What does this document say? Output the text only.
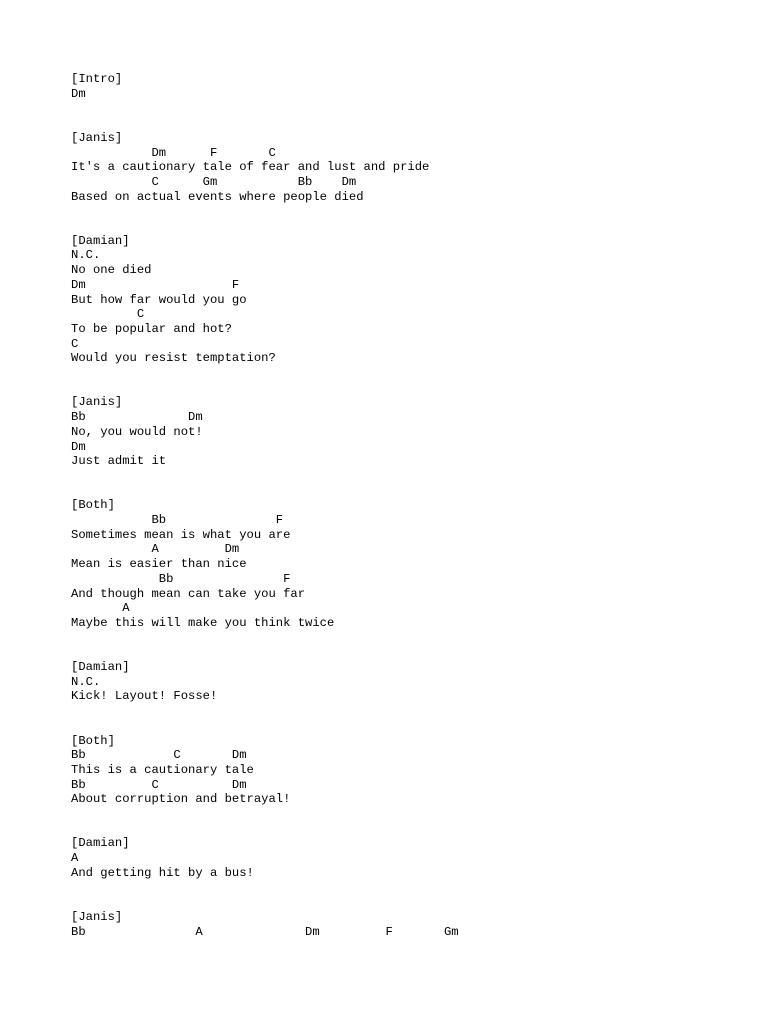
[Intro]
Dm
[Janis]
Dm      F       C
It's a cautionary tale of fear and lust and pride
C      Gm           Bb    Dm
Based on actual events where people died
[Damian]
N.C.
No one died
Dm                    F
But how far would you go
C
To be popular and hot?
C
Would you resist temptation?
[Janis]
Bb              Dm
No, you would not!
Dm
Just admit it
[Both]
Bb               F
Sometimes mean is what you are
A         Dm
Mean is easier than nice
Bb               F
And though mean can take you far
A
Maybe this will make you think twice
[Damian]
N.C.
Kick! Layout! Fosse!
[Both]
Bb            C       Dm
This is a cautionary tale
Bb         C          Dm
About corruption and betrayal!
[Damian]
A
And getting hit by a bus!
[Janis]
Bb               A              Dm         F       Gm
